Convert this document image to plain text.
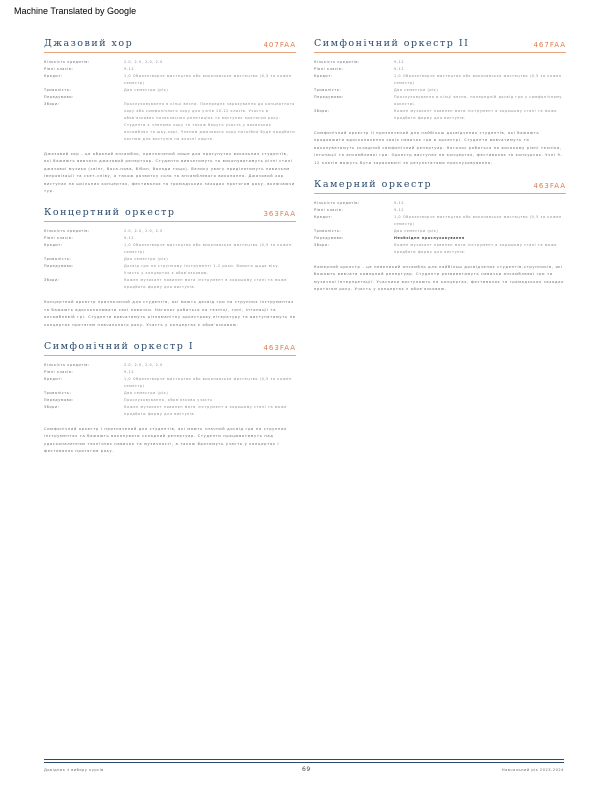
Machine Translated by Google
Джазовий хор	407FAA
Кількість кредитів:	2.0, 2.0, 2.0, 2.0
Рівні класів:	9-12
Кредит:	1,0 Образотворче мистецтво або виконавське мистецтво (0,5 за кожен семестр)
Тривалість:	Два семестри (рік)
Передумови:
Збори:	Прослуховування в кінці весни. Попереднє зарахування до концертного хору або симфонічного хору для учнів 10-12 класів. Участь в обов'язкових позакласних репетиціях та виступах протягом року. Студенти є членами хору та також беруть участь у вокальних ансамблях та шоу-хорі. Членам джазового хору потрібно буде придбати костюм для виступів на власні кошти.
Джазовий хор - це обраний ансамбль, призначений лише для просунутих вокальних студентів, які бажають вивчати джазовий репертуар. Студенти вивчатимуть та виконуватимуть різні стилі джазової музики (свінг, боса-нова, бібоп, балади тощо). Велику увагу приділятимуть навичкам імпровізації та скет-співу, а також розвитку соло та ансамблевого виконання. Джазовий хор виступає на шкільних концертах, фестивалях та громадських заходах протягом року, включаючи тур.
Концертний оркестр	363FAA
Кількість кредитів:	2.0, 2.0, 2.0, 2.0
Рівні класів:	9-12
Кредит:	1,0 Образотворче мистецтво або виконавське мистецтво (0,5 за кожен семестр)
Тривалість:	Два семестри (рік)
Передумови:	Досвід гри на струнному інструменті 1-2 роки. Вимоги щодо віку. Участь у концертах є обов'язковою.
Збори:	Кожен музикант повинен мати інструмент в хорошому стані та може придбати форму для виступів.
Концертний оркестр призначений для студентів, які мають досвід гри на струнних інструментах та бажають вдосконалювати свої навички. Наголос робиться на техніці, тоні, інтонації та ансамблевій грі. Студенти вивчатимуть різноманітну оркестрову літературу та виступатимуть на концертах протягом навчального року. Участь у концертах є обов'язковою.
Симфонічний оркестр I	463FAA
Кількість кредитів:	2.0, 2.0, 2.0, 2.0
Рівні класів:	9-12
Кредит:	1,0 Образотворче мистецтво або виконавське мистецтво (0,5 за кожен семестр)
Тривалість:	Два семестри (рік)
Передумови:	Прослуховування, обов'язкова участь
Збори:	Кожен музикант повинен мати інструмент в хорошому стані та може придбати форму для виступів.
Симфонічний оркестр I призначений для студентів, які мають значний досвід гри на струнних інструментах та бажають виконувати складний репертуар. Студенти працюватимуть над удосконаленням технічних навичок та музичності, а також братимуть участь у концертах і фестивалях протягом року.
Симфонічний оркестр II	467FAA
Кількість кредитів:	9-12
Рівні класів:	9-12
Кредит:	1,0 Образотворче мистецтво або виконавське мистецтво (0,5 за кожен семестр)
Тривалість:	Два семестри (рік)
Передумови:	Прослуховування в кінці весни, попередній досвід гри у симфонічному оркестрі.
Збори:	Кожен музикант повинен мати інструмент в хорошому стані та може придбати форму для виступів.
Симфонічний оркестр II призначений для найбільш досвідчених студентів, які бажають продовжити вдосконалення своїх навичок гри в оркестрі. Студенти вивчатимуть та виконуватимуть складний симфонічний репертуар. Наголос робиться на високому рівні техніки, інтонації та ансамблевої гри. Оркестр виступає на концертах, фестивалях та конкурсах. Учні 9-12 класів можуть бути зараховані за результатами прослуховування.
Камерний оркестр	463FAA
Кількість кредитів:	9-12
Рівні класів:	9-12
Кредит:	1,0 Образотворче мистецтво або виконавське мистецтво (0,5 за кожен семестр)
Тривалість:	Два семестри (рік)
Передумови:	Необхідне прослуховування
Збори:	Кожен музикант повинен мати інструмент в хорошому стані та може придбати форму для виступів.
Камерний оркестр - це невеликий ансамбль для найбільш досвідчених студентів-струнників, які бажають вивчати камерний репертуар. Студенти розвиватимуть навички ансамблевої гри та музичної інтерпретації. Учасники виступають на концертах, фестивалях та громадських заходах протягом року. Участь у концертах є обов'язковою.
Довідник з вибору курсів	69	Навчальний рік 2023-2024
